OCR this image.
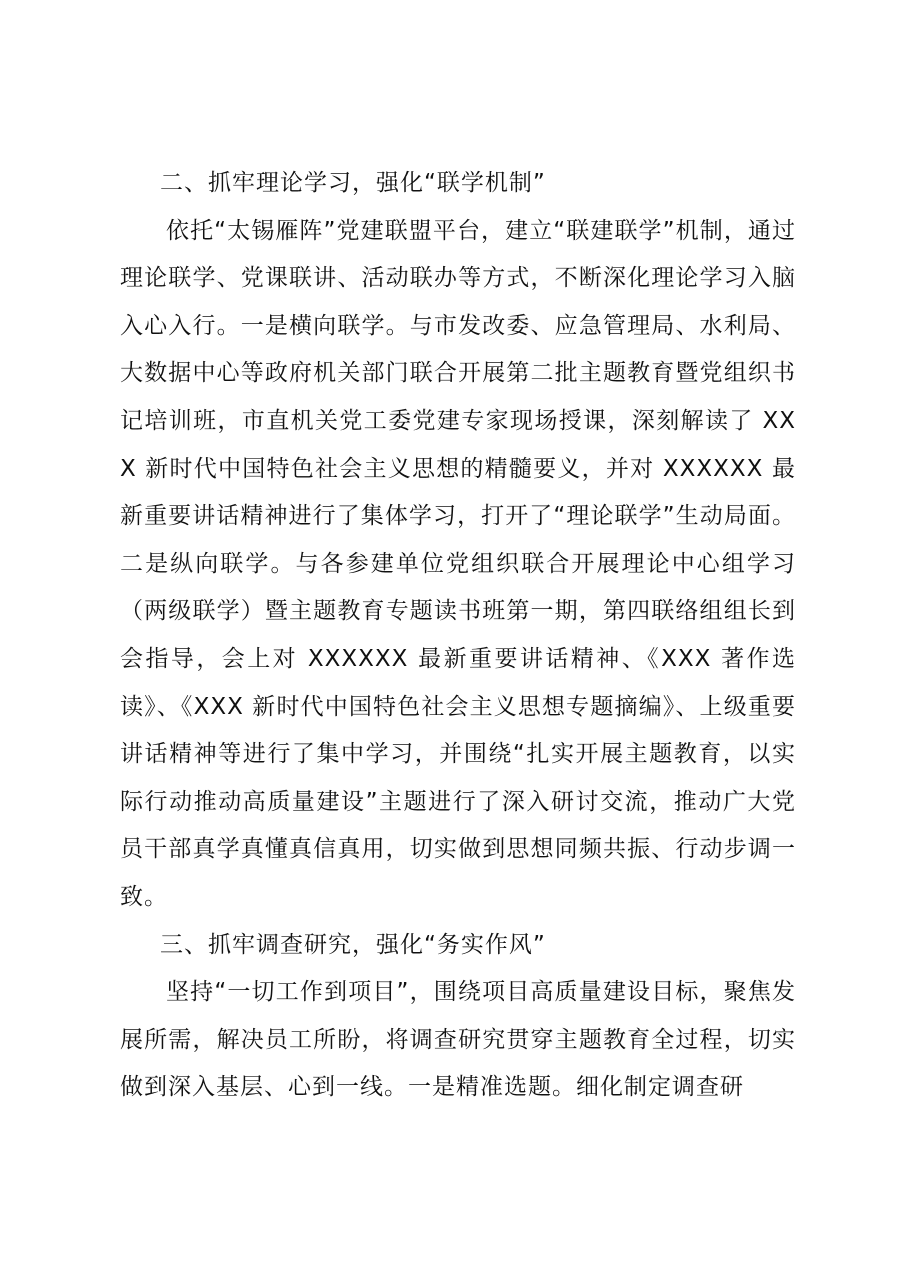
二、抓牢理论学习，强化“联学机制”

依托“太锡雁阵”党建联盟平台，建立“联建联学”机制，通过理论联学、党课联讲、活动联办等方式，不断深化理论学习入脑入心入行。一是横向联学。与市发改委、应急管理局、水利局、大数据中心等政府机关部门联合开展第二批主题教育暨党组织书记培训班，市直机关党工委党建专家现场授课，深刻解读了 XXX 新时代中国特色社会主义思想的精髓要义，并对 XXXXXX 最新重要讲话精神进行了集体学习，打开了“理论联学”生动局面。二是纵向联学。与各参建单位党组织联合开展理论中心组学习（两级联学）暨主题教育专题读书班第一期，第四联络组组长到会指导，会上对 XXXXXX 最新重要讲话精神、《XXX 著作选读》、《XXX 新时代中国特色社会主义思想专题摘编》、上级重要讲话精神等进行了集中学习，并围绕“扎实开展主题教育，以实际行动推动高质量建设”主题进行了深入研讨交流，推动广大党员干部真学真懂真信真用，切实做到思想同频共振、行动步调一致。

三、抓牢调查研究，强化“务实作风”

坚持“一切工作到项目”，围绕项目高质量建设目标，聚焦发展所需，解决员工所盼，将调查研究贯穿主题教育全过程，切实做到深入基层、心到一线。一是精准选题。细化制定调查研
